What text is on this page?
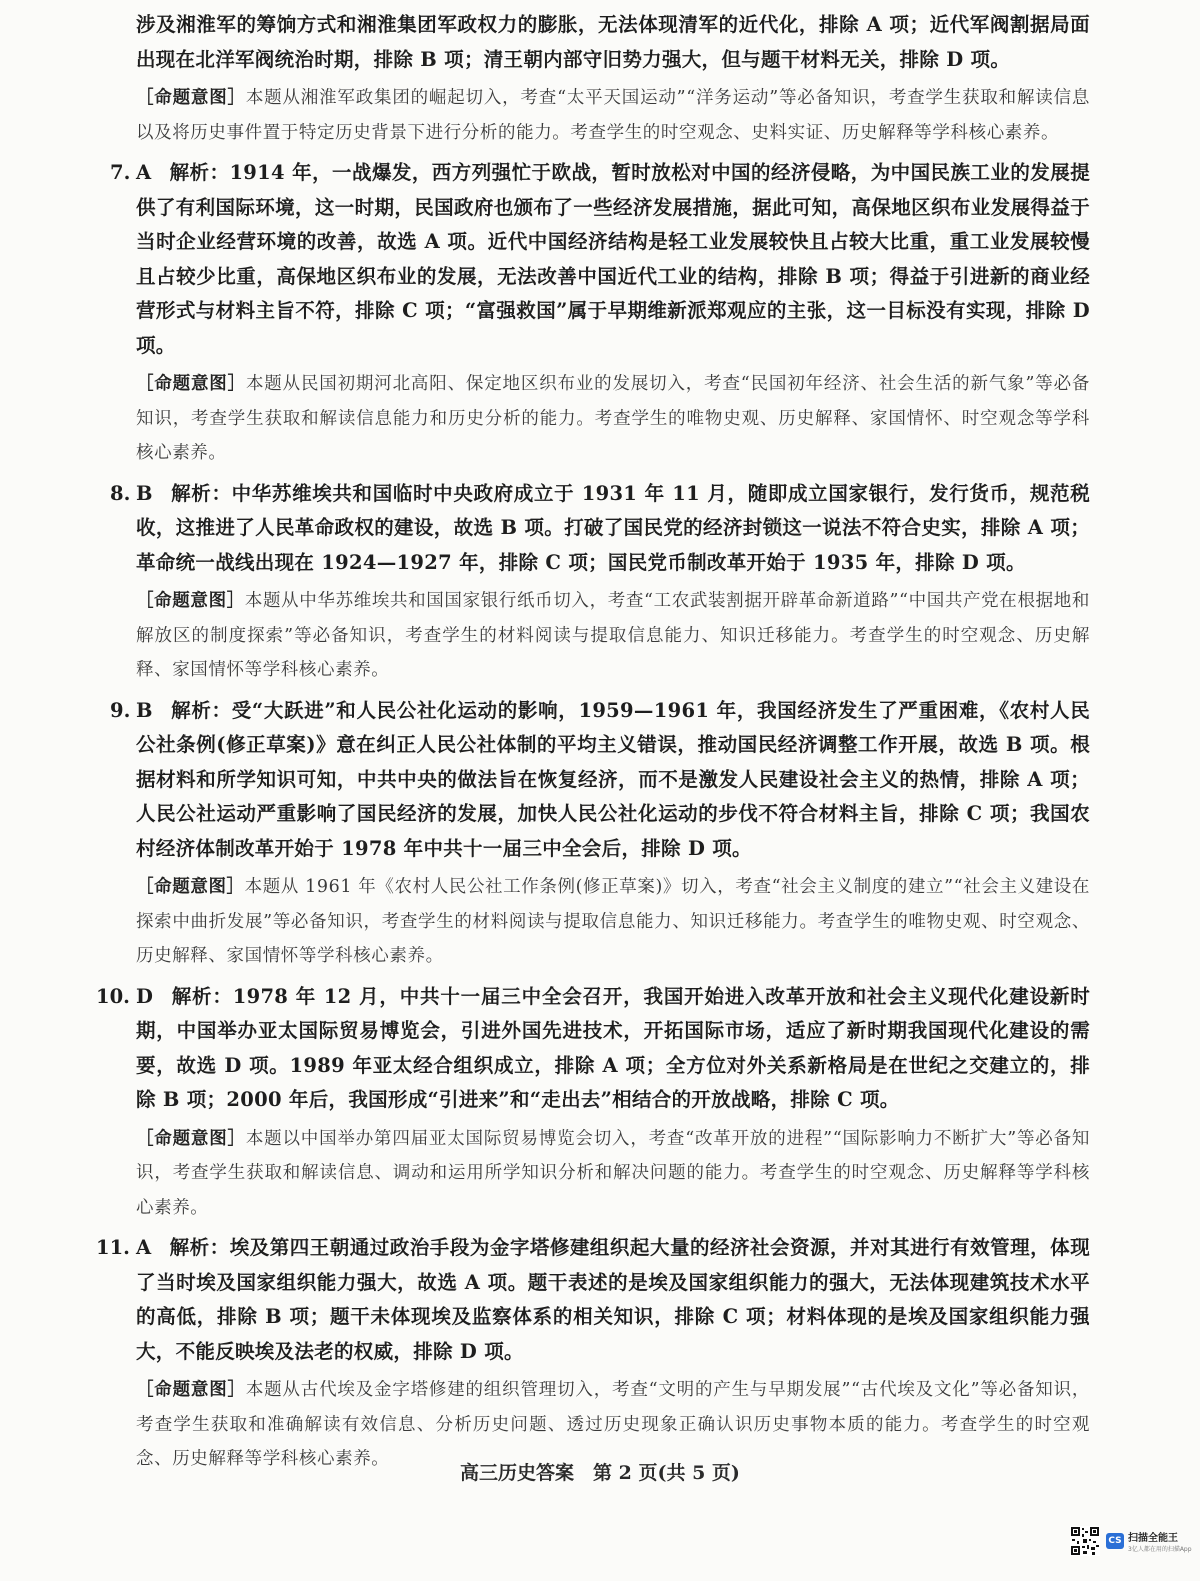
涉及湘淮军的筹饷方式和湘淮集团军政权力的膨胀，无法体现清军的近代化，排除 A 项；近代军阀割据局面出现在北洋军阀统治时期，排除 B 项；清王朝内部守旧势力强大，但与题干材料无关，排除 D 项。

［命题意图］本题从湘淮军政集团的崛起切入，考查“太平天国运动”“洋务运动”等必备知识，考查学生获取和解读信息以及将历史事件置于特定历史背景下进行分析的能力。考查学生的时空观念、史料实证、历史解释等学科核心素养。
7. A 解析：1914 年，一战爆发，西方列强忙于欧战，暂时放松对中国的经济侵略，为中国民族工业的发展提供了有利国际环境，这一时期，民国政府也颁布了一些经济发展措施，据此可知，高保地区织布业发展得益于当时企业经营环境的改善，故选 A 项。近代中国经济结构是轻工业发展较快且占较大比重，重工业发展较慢且占较少比重，高保地区织布业的发展，无法改善中国近代工业的结构，排除 B 项；得益于引进新的商业经营形式与材料主旨不符，排除 C 项；“富强救国”属于早期维新派郑观应的主张，这一目标没有实现，排除 D 项。

［命题意图］本题从民国初期河北高阳、保定地区织布业的发展切入，考查“民国初年经济、社会生活的新气象”等必备知识，考查学生获取和解读信息能力和历史分析的能力。考查学生的唯物史观、历史解释、家国情怀、时空观念等学科核心素养。
8. B 解析：中华苏维埃共和国临时中央政府成立于 1931 年 11 月，随即成立国家银行，发行货币，规范税收，这推进了人民革命政权的建设，故选 B 项。打破了国民党的经济封锁这一说法不符合史实，排除 A 项；革命统一战线出现在 1924—1927 年，排除 C 项；国民党币制改革开始于 1935 年，排除 D 项。

［命题意图］本题从中华苏维埃共和国国家银行纸币切入，考查“工农武装割据开辟革命新道路”“中国共产党在根据地和解放区的制度探索”等必备知识，考查学生的材料阅读与提取信息能力、知识迁移能力。考查学生的时空观念、历史解释、家国情怀等学科核心素养。
9. B 解析：受“大跃进”和人民公社化运动的影响，1959—1961 年，我国经济发生了严重困难，《农村人民公社条例(修正草案)》意在纠正人民公社体制的平均主义错误，推动国民经济调整工作开展，故选 B 项。根据材料和所学知识可知，中共中央的做法旨在恢复经济，而不是激发人民建设社会主义的热情，排除 A 项；人民公社运动严重影响了国民经济的发展，加快人民公社化运动的步伐不符合材料主旨，排除 C 项；我国农村经济体制改革开始于 1978 年中共十一届三中全会后，排除 D 项。

［命题意图］本题从 1961 年《农村人民公社工作条例(修正草案)》切入，考查“社会主义制度的建立”“社会主义建设在探索中曲折发展”等必备知识，考查学生的材料阅读与提取信息能力、知识迁移能力。考查学生的唯物史观、时空观念、历史解释、家国情怀等学科核心素养。
10. D 解析：1978 年 12 月，中共十一届三中全会召开，我国开始进入改革开放和社会主义现代化建设新时期，中国举办亚太国际贸易博览会，引进外国先进技术，开拓国际市场，适应了新时期我国现代化建设的需要，故选 D 项。1989 年亚太经合组织成立，排除 A 项；全方位对外关系新格局是在世纪之交建立的，排除 B 项；2000 年后，我国形成“引进来”和“走出去”相结合的开放战略，排除 C 项。

［命题意图］本题以中国举办第四届亚太国际贸易博览会切入，考查“改革开放的进程”“国际影响力不断扩大”等必备知识，考查学生获取和解读信息、调动和运用所学知识分析和解决问题的能力。考查学生的时空观念、历史解释等学科核心素养。
11. A 解析：埃及第四王朝通过政治手段为金字塔修建组织起大量的经济社会资源，并对其进行有效管理，体现了当时埃及国家组织能力强大，故选 A 项。题干表述的是埃及国家组织能力的强大，无法体现建筑技术水平的高低，排除 B 项；题干未体现埃及监察体系的相关知识，排除 C 项；材料体现的是埃及国家组织能力强大，不能反映埃及法老的权威，排除 D 项。

［命题意图］本题从古代埃及金字塔修建的组织管理切入，考查“文明的产生与早期发展”“古代埃及文化”等必备知识，考查学生获取和准确解读有效信息、分析历史问题、透过历史现象正确认识历史事物本质的能力。考查学生的时空观念、历史解释等学科核心素养。
高三历史答案　第 2 页(共 5 页)
CS 扫描全能王
3亿人都在用的扫描App
